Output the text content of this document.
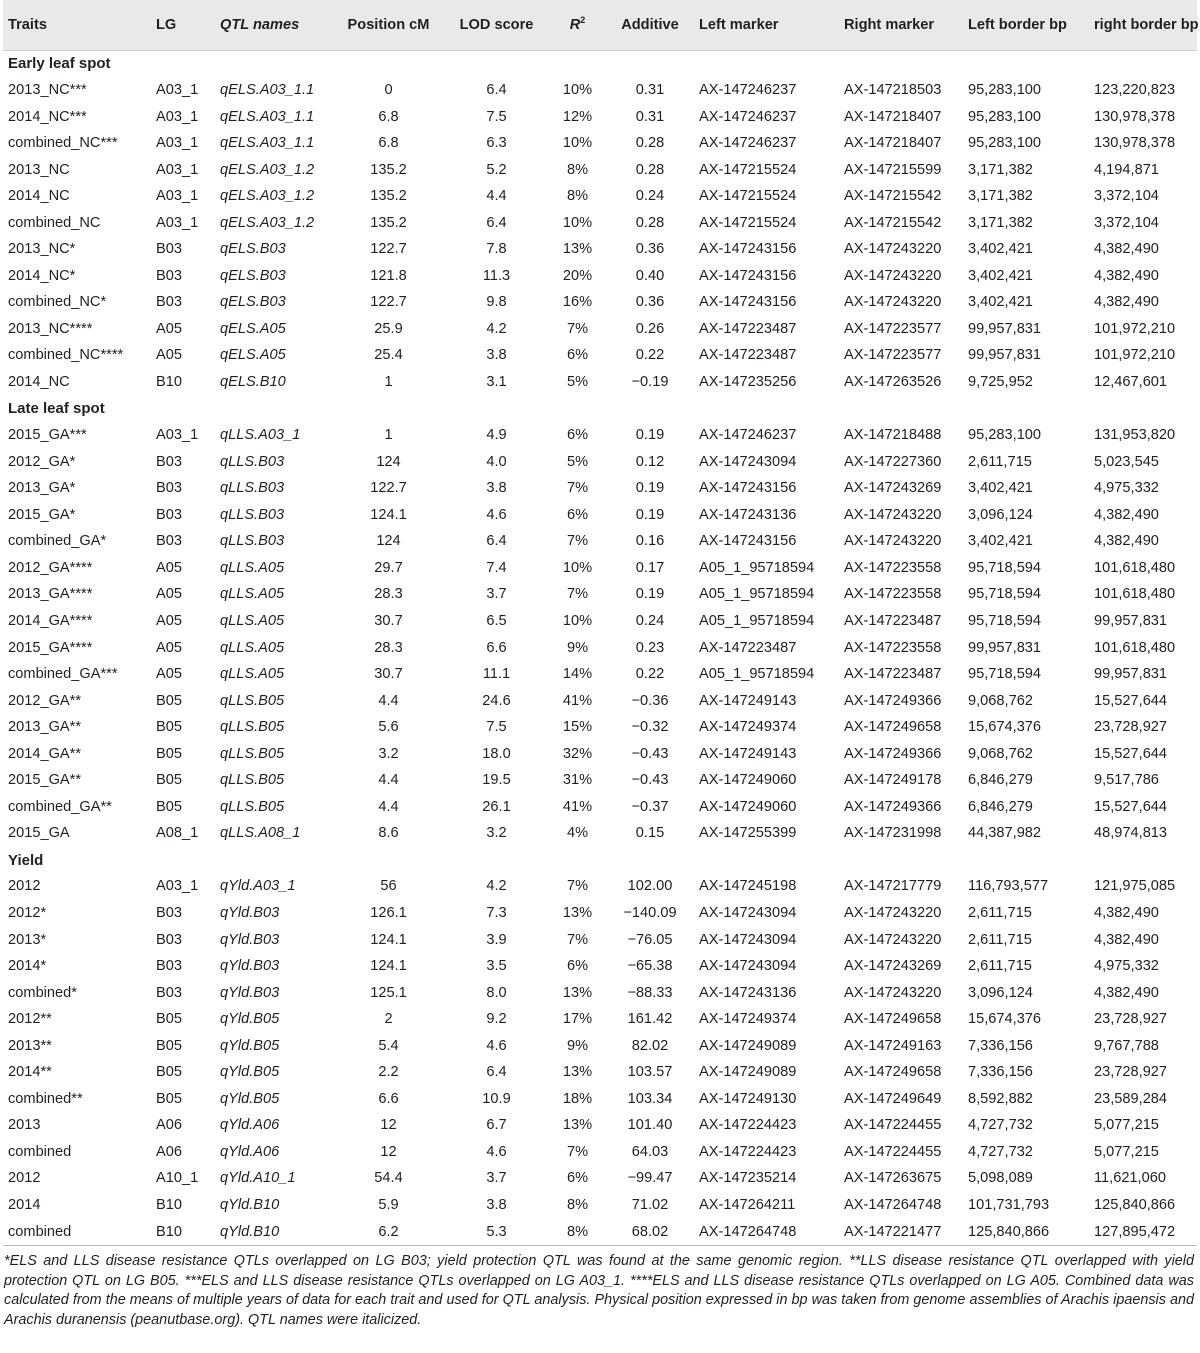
Traits	LG	QTL names	Position cM	LOD score	$R^2$	Additive	Left marker	Right marker	Left border bp	right border bp
Early leaf spot										
2013_NC***	A03_1	qELS.A03_1.1	0	6.4	10%	0.31	AX-147246237	AX-147218503	95,283,100	123,220,823
2014_NC***	A03_1	qELS.A03_1.1	6.8	7.5	12%	0.31	AX-147246237	AX-147218407	95,283,100	130,978,378
combined_NC***	A03_1	qELS.A03_1.1	6.8	6.3	10%	0.28	AX-147246237	AX-147218407	95,283,100	130,978,378
2013_NC	A03_1	qELS.A03_1.2	135.2	5.2	8%	0.28	AX-147215524	AX-147215599	3,171,382	4,194,871
2014_NC	A03_1	qELS.A03_1.2	135.2	4.4	8%	0.24	AX-147215524	AX-147215542	3,171,382	3,372,104
combined_NC	A03_1	qELS.A03_1.2	135.2	6.4	10%	0.28	AX-147215524	AX-147215542	3,171,382	3,372,104
2013_NC*	B03	qELS.B03	122.7	7.8	13%	0.36	AX-147243156	AX-147243220	3,402,421	4,382,490
2014_NC*	B03	qELS.B03	121.8	11.3	20%	0.40	AX-147243156	AX-147243220	3,402,421	4,382,490
combined_NC*	B03	qELS.B03	122.7	9.8	16%	0.36	AX-147243156	AX-147243220	3,402,421	4,382,490
2013_NC****	A05	qELS.A05	25.9	4.2	7%	0.26	AX-147223487	AX-147223577	99,957,831	101,972,210
combined_NC****	A05	qELS.A05	25.4	3.8	6%	0.22	AX-147223487	AX-147223577	99,957,831	101,972,210
2014_NC	B10	qELS.B10	1	3.1	5%	−0.19	AX-147235256	AX-147263526	9,725,952	12,467,601
Late leaf spot										
2015_GA***	A03_1	qLLS.A03_1	1	4.9	6%	0.19	AX-147246237	AX-147218488	95,283,100	131,953,820
2012_GA*	B03	qLLS.B03	124	4.0	5%	0.12	AX-147243094	AX-147227360	2,611,715	5,023,545
2013_GA*	B03	qLLS.B03	122.7	3.8	7%	0.19	AX-147243156	AX-147243269	3,402,421	4,975,332
2015_GA*	B03	qLLS.B03	124.1	4.6	6%	0.19	AX-147243136	AX-147243220	3,096,124	4,382,490
combined_GA*	B03	qLLS.B03	124	6.4	7%	0.16	AX-147243156	AX-147243220	3,402,421	4,382,490
2012_GA****	A05	qLLS.A05	29.7	7.4	10%	0.17	A05_1_95718594	AX-147223558	95,718,594	101,618,480
2013_GA****	A05	qLLS.A05	28.3	3.7	7%	0.19	A05_1_95718594	AX-147223558	95,718,594	101,618,480
2014_GA****	A05	qLLS.A05	30.7	6.5	10%	0.24	A05_1_95718594	AX-147223487	95,718,594	99,957,831
2015_GA****	A05	qLLS.A05	28.3	6.6	9%	0.23	AX-147223487	AX-147223558	99,957,831	101,618,480
combined_GA***	A05	qLLS.A05	30.7	11.1	14%	0.22	A05_1_95718594	AX-147223487	95,718,594	99,957,831
2012_GA**	B05	qLLS.B05	4.4	24.6	41%	−0.36	AX-147249143	AX-147249366	9,068,762	15,527,644
2013_GA**	B05	qLLS.B05	5.6	7.5	15%	−0.32	AX-147249374	AX-147249658	15,674,376	23,728,927
2014_GA**	B05	qLLS.B05	3.2	18.0	32%	−0.43	AX-147249143	AX-147249366	9,068,762	15,527,644
2015_GA**	B05	qLLS.B05	4.4	19.5	31%	−0.43	AX-147249060	AX-147249178	6,846,279	9,517,786
combined_GA**	B05	qLLS.B05	4.4	26.1	41%	−0.37	AX-147249060	AX-147249366	6,846,279	15,527,644
2015_GA	A08_1	qLLS.A08_1	8.6	3.2	4%	0.15	AX-147255399	AX-147231998	44,387,982	48,974,813
Yield										
2012	A03_1	qYld.A03_1	56	4.2	7%	102.00	AX-147245198	AX-147217779	116,793,577	121,975,085
2012*	B03	qYld.B03	126.1	7.3	13%	−140.09	AX-147243094	AX-147243220	2,611,715	4,382,490
2013*	B03	qYld.B03	124.1	3.9	7%	−76.05	AX-147243094	AX-147243220	2,611,715	4,382,490
2014*	B03	qYld.B03	124.1	3.5	6%	−65.38	AX-147243094	AX-147243269	2,611,715	4,975,332
combined*	B03	qYld.B03	125.1	8.0	13%	−88.33	AX-147243136	AX-147243220	3,096,124	4,382,490
2012**	B05	qYld.B05	2	9.2	17%	161.42	AX-147249374	AX-147249658	15,674,376	23,728,927
2013**	B05	qYld.B05	5.4	4.6	9%	82.02	AX-147249089	AX-147249163	7,336,156	9,767,788
2014**	B05	qYld.B05	2.2	6.4	13%	103.57	AX-147249089	AX-147249658	7,336,156	23,728,927
combined**	B05	qYld.B05	6.6	10.9	18%	103.34	AX-147249130	AX-147249649	8,592,882	23,589,284
2013	A06	qYld.A06	12	6.7	13%	101.40	AX-147224423	AX-147224455	4,727,732	5,077,215
combined	A06	qYld.A06	12	4.6	7%	64.03	AX-147224423	AX-147224455	4,727,732	5,077,215
2012	A10_1	qYld.A10_1	54.4	3.7	6%	−99.47	AX-147235214	AX-147263675	5,098,089	11,621,060
2014	B10	qYld.B10	5.9	3.8	8%	71.02	AX-147264211	AX-147264748	101,731,793	125,840,866
combined	B10	qYld.B10	6.2	5.3	8%	68.02	AX-147264748	AX-147221477	125,840,866	127,895,472
*ELS and LLS disease resistance QTLs overlapped on LG B03; yield protection QTL was found at the same genomic region. **LLS disease resistance QTL overlapped with yield protection QTL on LG B05. ***ELS and LLS disease resistance QTLs overlapped on LG A03_1. ****ELS and LLS disease resistance QTLs overlapped on LG A05. Combined data was calculated from the means of multiple years of data for each trait and used for QTL analysis. Physical position expressed in bp was taken from genome assemblies of Arachis ipaensis and Arachis duranensis (peanutbase.org). QTL names were italicized.
